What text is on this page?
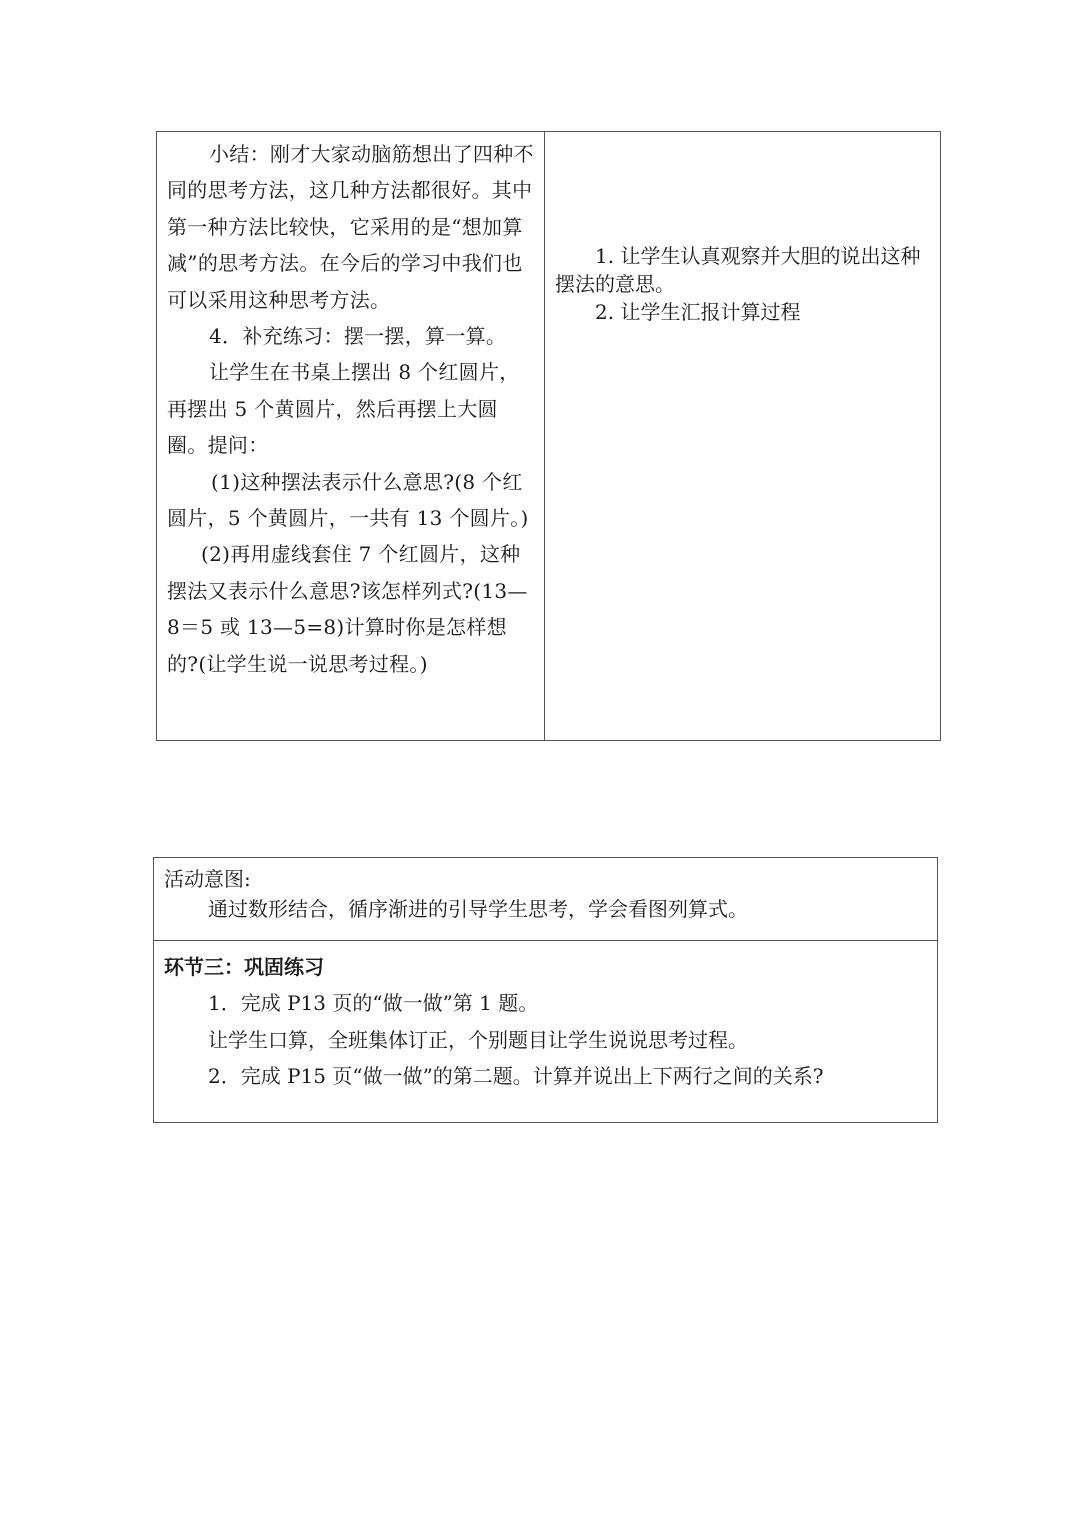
小结：刚才大家动脑筋想出了四种不同的思考方法，这几种方法都很好。其中第一种方法比较快，它采用的是“想加算减”的思考方法。在今后的学习中我们也可以采用这种思考方法。

4．补充练习：摆一摆，算一算。

让学生在书桌上摆出 8 个红圆片，再摆出 5 个黄圆片，然后再摆上大圆圈。提问：

(1)这种摆法表示什么意思?(8 个红圆片，5 个黄圆片，一共有 13 个圆片。)

(2)再用虚线套住 7 个红圆片，这种摆法又表示什么意思?该怎样列式?(13—8＝5 或 13—5=8)计算时你是怎样想的?(让学生说一说思考过程。)

1. 让学生认真观察并大胆的说出这种摆法的意思。

2. 让学生汇报计算过程

活动意图:

通过数形结合，循序渐进的引导学生思考，学会看图列算式。

环节三：巩固练习

1．完成 P13 页的“做一做”第 1 题。

让学生口算，全班集体订正，个别题目让学生说说思考过程。

2．完成 P15 页“做一做”的第二题。计算并说出上下两行之间的关系?
